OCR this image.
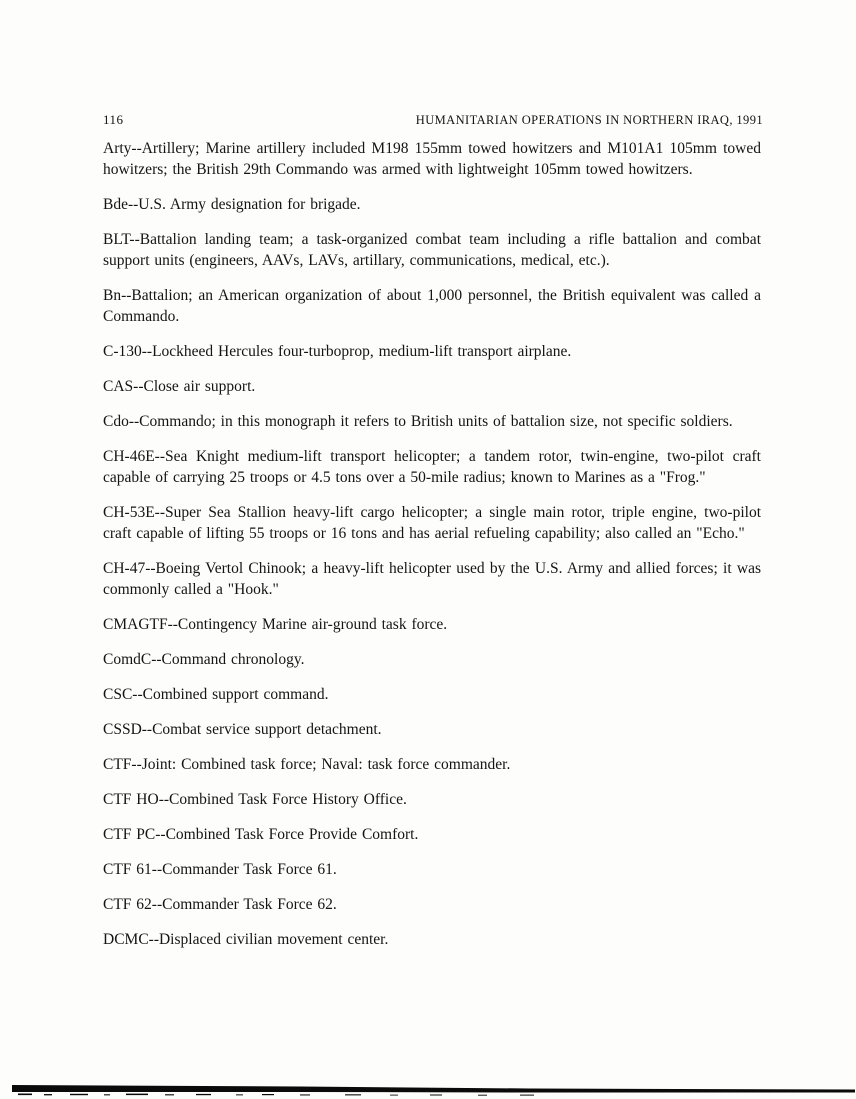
116	HUMANITARIAN OPERATIONS IN NORTHERN IRAQ, 1991

Arty--Artillery; Marine artillery included M198 155mm towed howitzers and M101A1 105mm towed howitzers; the British 29th Commando was armed with lightweight 105mm towed howitzers.

Bde--U.S. Army designation for brigade.

BLT--Battalion landing team; a task-organized combat team including a rifle battalion and combat support units (engineers, AAVs, LAVs, artillary, communications, medical, etc.).

Bn--Battalion; an American organization of about 1,000 personnel, the British equivalent was called a Commando.

C-130--Lockheed Hercules four-turboprop, medium-lift transport airplane.

CAS--Close air support.

Cdo--Commando; in this monograph it refers to British units of battalion size, not specific soldiers.

CH-46E--Sea Knight medium-lift transport helicopter; a tandem rotor, twin-engine, two-pilot craft capable of carrying 25 troops or 4.5 tons over a 50-mile radius; known to Marines as a "Frog."

CH-53E--Super Sea Stallion heavy-lift cargo helicopter; a single main rotor, triple engine, two-pilot craft capable of lifting 55 troops or 16 tons and has aerial refueling capability; also called an "Echo."

CH-47--Boeing Vertol Chinook; a heavy-lift helicopter used by the U.S. Army and allied forces; it was commonly called a "Hook."

CMAGTF--Contingency Marine air-ground task force.

ComdC--Command chronology.

CSC--Combined support command.

CSSD--Combat service support detachment.

CTF--Joint: Combined task force; Naval: task force commander.

CTF HO--Combined Task Force History Office.

CTF PC--Combined Task Force Provide Comfort.

CTF 61--Commander Task Force 61.

CTF 62--Commander Task Force 62.

DCMC--Displaced civilian movement center.
